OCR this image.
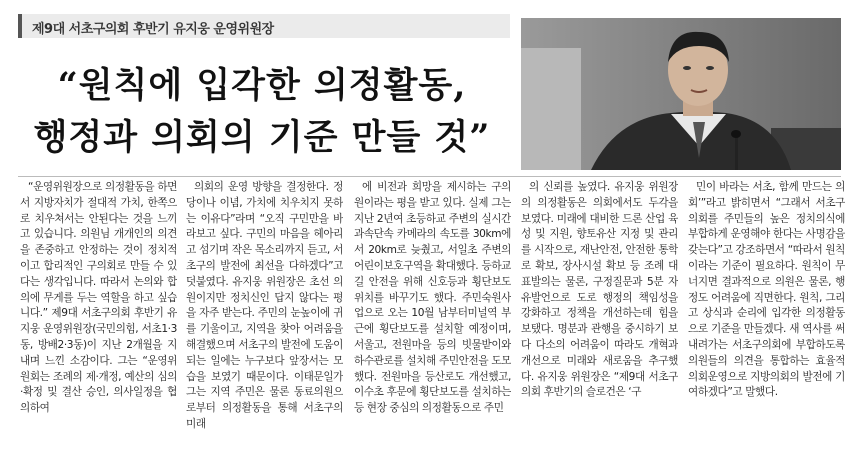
제9대 서초구의회 후반기 유지웅 운영위원장
“원칙에 입각한 의정활동,
행정과 의회의 기준 만들 것”

“운영위원장으로 의정활동을 하면서 지방자치가 절대적 가치, 한쪽으로 치우쳐서는 안된다는 것을 느끼고 있습니다. 의원님 개개인의 의견을 존중하고 안정하는 것이 정치적이고 합리적인 구의회로 만들 수 있다는 생각입니다. 따라서 논의와 합의에 무게를 두는 역할을 하고 싶습니다.” 제9대 서초구의회 후반기 유지웅 운영위원장(국민의힘, 서초1·3동, 방배2·3동)이 지난 2개월을 지내며 느낀 소감이다. 그는 “운영위원회는 조례의 제·개정, 예산의 심의·확정 및 결산 승인, 의사일정을 협의하여

의회의 운영 방향을 결정한다. 정당이나 이념, 가치에 치우치지 못하는 이유다”라며 “오직 구민만을 바라보고 싶다. 구민의 마음을 헤아리고 섬기며 작은 목소리까지 듣고, 서초구의 발전에 최선을 다하겠다”고 덧붙였다. 유지웅 위원장은 초선 의원이지만 정치신인 답지 않다는 평을 자주 받는다. 주민의 눈높이에 귀를 기울이고, 지역을 찾아 어려움을 해결했으며 서초구의 발전에 도움이 되는 일에는 누구보다 앞장서는 모습을 보였기 때문이다. 이태문일가 그는 지역 주민은 물론 동료의원으로부터 의정활동을 통해 서초구의 미래

에 비전과 희망을 제시하는 구의원이라는 평을 받고 있다. 실제 그는 지난 2년여 초등하교 주변의 실시간 과속단속 카메라의 속도를 30km에서 20km로 늦췄고, 서일초 주변의 어린이보호구역을 확대했다. 등하교길 안전을 위해 신호등과 횡단보도 위치를 바꾸기도 했다. 주민숙원사업으로 오는 10월 남부터미널역 부근에 횡단보도를 설치할 예정이며, 서울고, 전원마을 등의 빗물받이와 하수관로를 설치해 주민안전을 도모했다. 전원마을 등산로도 개선했고, 이수초 후문에 횡단보도를 설치하는 등 현장 중심의 의정활동으로 주민

의 신뢰를 높였다. 유지웅 위원장의 의정활동은 의회에서도 두각을 보였다. 미래에 대비한 드론 산업 육성 및 지원, 향토유산 지정 및 관리를 시작으로, 재난안전, 안전한 통학로 확보, 장사시설 확보 등 조례 대표발의는 물론, 구정질문과 5분 자유발언으로 도로 행정의 책임성을 강화하고 정책을 개선하는데 힘을 보탰다. 명분과 관행을 중시하기 보다 다소의 어려움이 따라도 개혁과 개선으로 미래와 새로움을 추구했다. 유지웅 위원장은 “제9대 서초구의회 후반기의 슬로건은 ‘구

민이 바라는 서초, 함께 만드는 의회’”라고 밝히면서 “그래서 서초구의회를 주민들의 높은 정치의식에 부합하게 운영해야 한다는 사명감을 갖는다”고 강조하면서 “따라서 원칙이라는 기준이 필요하다. 원칙이 무너지면 결과적으로 의원은 물론, 행정도 어려움에 직면한다. 원칙, 그리고 상식과 순리에 입각한 의정활동으로 기준을 만들겠다. 새 역사를 써 내려가는 서초구의회에 부합하도록 의원들의 의견을 통합하는 효율적 의회운영으로 지방의회의 발전에 기여하겠다”고 말했다.
